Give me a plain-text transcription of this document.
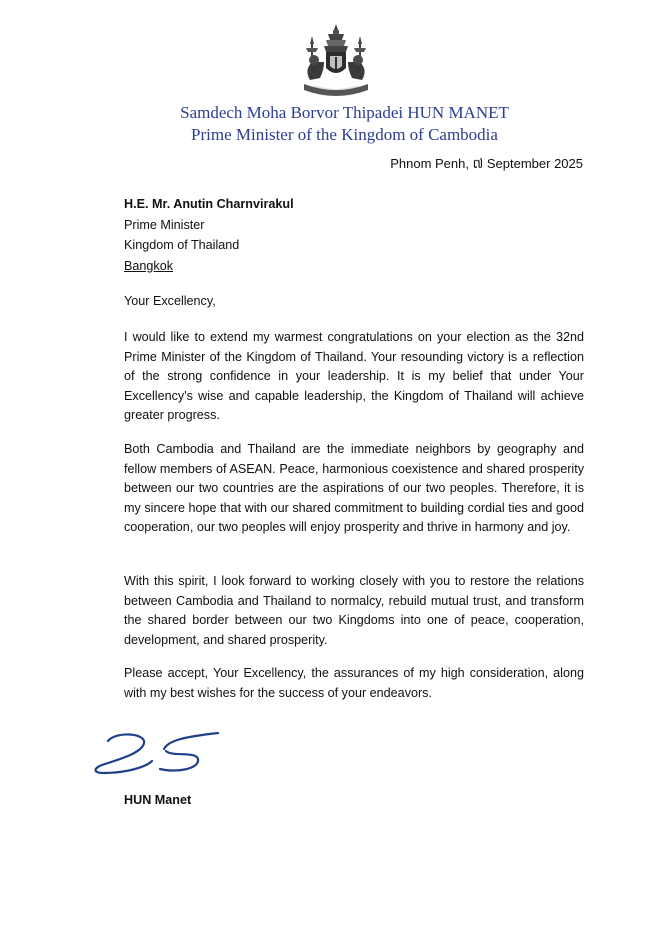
Samdech Moha Borvor Thipadei HUN MANET
Prime Minister of the Kingdom of Cambodia
Phnom Penh, ៧ September 2025
H.E. Mr. Anutin Charnvirakul
Prime Minister
Kingdom of Thailand
Bangkok
Your Excellency,
I would like to extend my warmest congratulations on your election as the 32nd Prime Minister of the Kingdom of Thailand. Your resounding victory is a reflection of the strong confidence in your leadership. It is my belief that under Your Excellency's wise and capable leadership, the Kingdom of Thailand will achieve greater progress.
Both Cambodia and Thailand are the immediate neighbors by geography and fellow members of ASEAN. Peace, harmonious coexistence and shared prosperity between our two countries are the aspirations of our two peoples. Therefore, it is my sincere hope that with our shared commitment to building cordial ties and good cooperation, our two peoples will enjoy prosperity and thrive in harmony and joy.
With this spirit, I look forward to working closely with you to restore the relations between Cambodia and Thailand to normalcy, rebuild mutual trust, and transform the shared border between our two Kingdoms into one of peace, cooperation, development, and shared prosperity.
Please accept, Your Excellency, the assurances of my high consideration, along with my best wishes for the success of your endeavors.
HUN Manet
